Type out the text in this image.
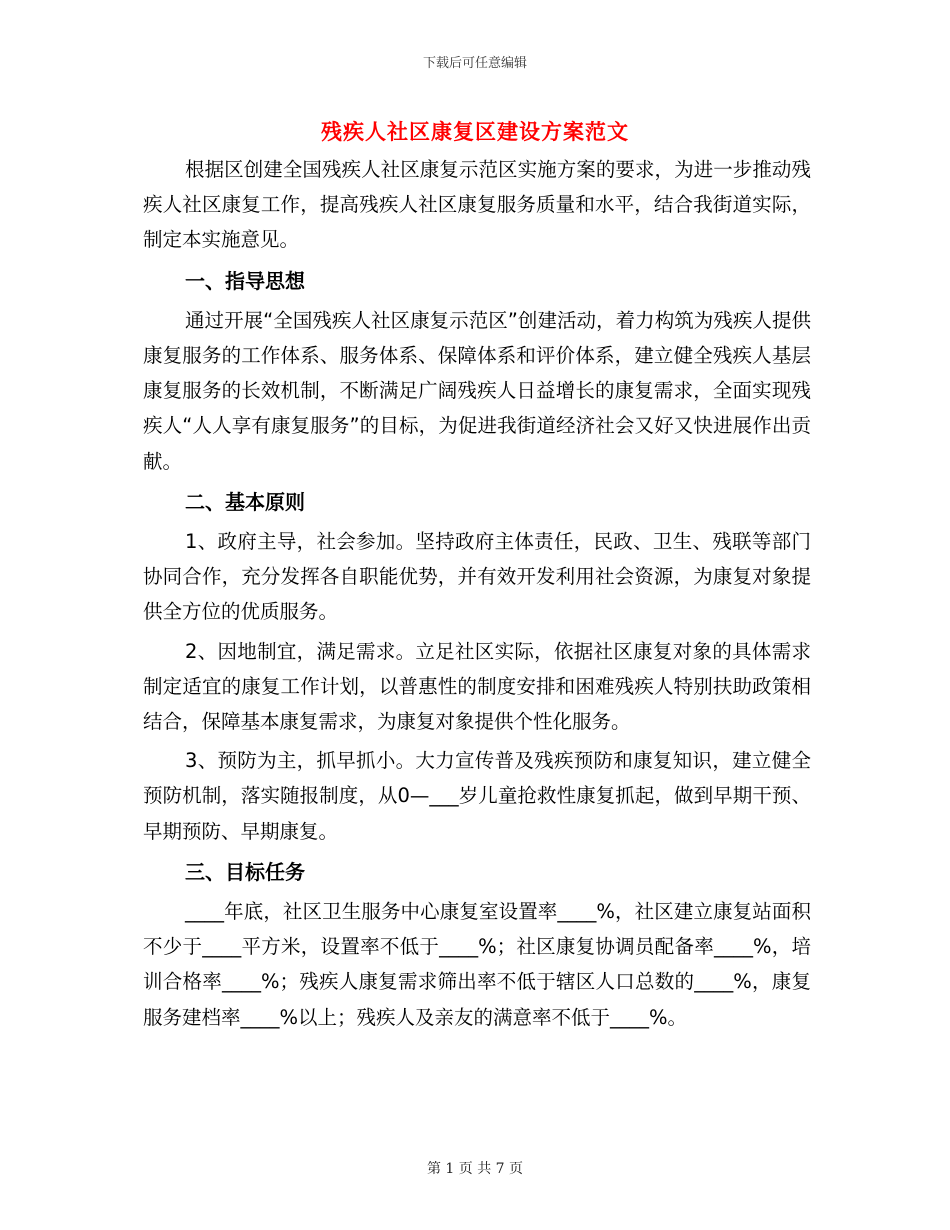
下载后可任意编辑
残疾人社区康复区建设方案范文

根据区创建全国残疾人社区康复示范区实施方案的要求，为进一步推动残疾人社区康复工作，提高残疾人社区康复服务质量和水平，结合我街道实际，制定本实施意见。

一、指导思想

通过开展“全国残疾人社区康复示范区”创建活动，着力构筑为残疾人提供康复服务的工作体系、服务体系、保障体系和评价体系，建立健全残疾人基层康复服务的长效机制，不断满足广阔残疾人日益增长的康复需求，全面实现残疾人“人人享有康复服务”的目标，为促进我街道经济社会又好又快进展作出贡献。

二、基本原则

1、政府主导，社会参加。坚持政府主体责任，民政、卫生、残联等部门协同合作，充分发挥各自职能优势，并有效开发利用社会资源，为康复对象提供全方位的优质服务。

2、因地制宜，满足需求。立足社区实际，依据社区康复对象的具体需求制定适宜的康复工作计划，以普惠性的制度安排和困难残疾人特别扶助政策相结合，保障基本康复需求，为康复对象提供个性化服务。

3、预防为主，抓早抓小。大力宣传普及残疾预防和康复知识，建立健全预防机制，落实随报制度，从0—___岁儿童抢救性康复抓起，做到早期干预、早期预防、早期康复。

三、目标任务

____年底，社区卫生服务中心康复室设置率____%，社区建立康复站面积不少于____平方米，设置率不低于____%；社区康复协调员配备率____%，培训合格率____%；残疾人康复需求筛出率不低于辖区人口总数的____%，康复服务建档率____%以上；残疾人及亲友的满意率不低于____%。

第 1 页 共 7 页
